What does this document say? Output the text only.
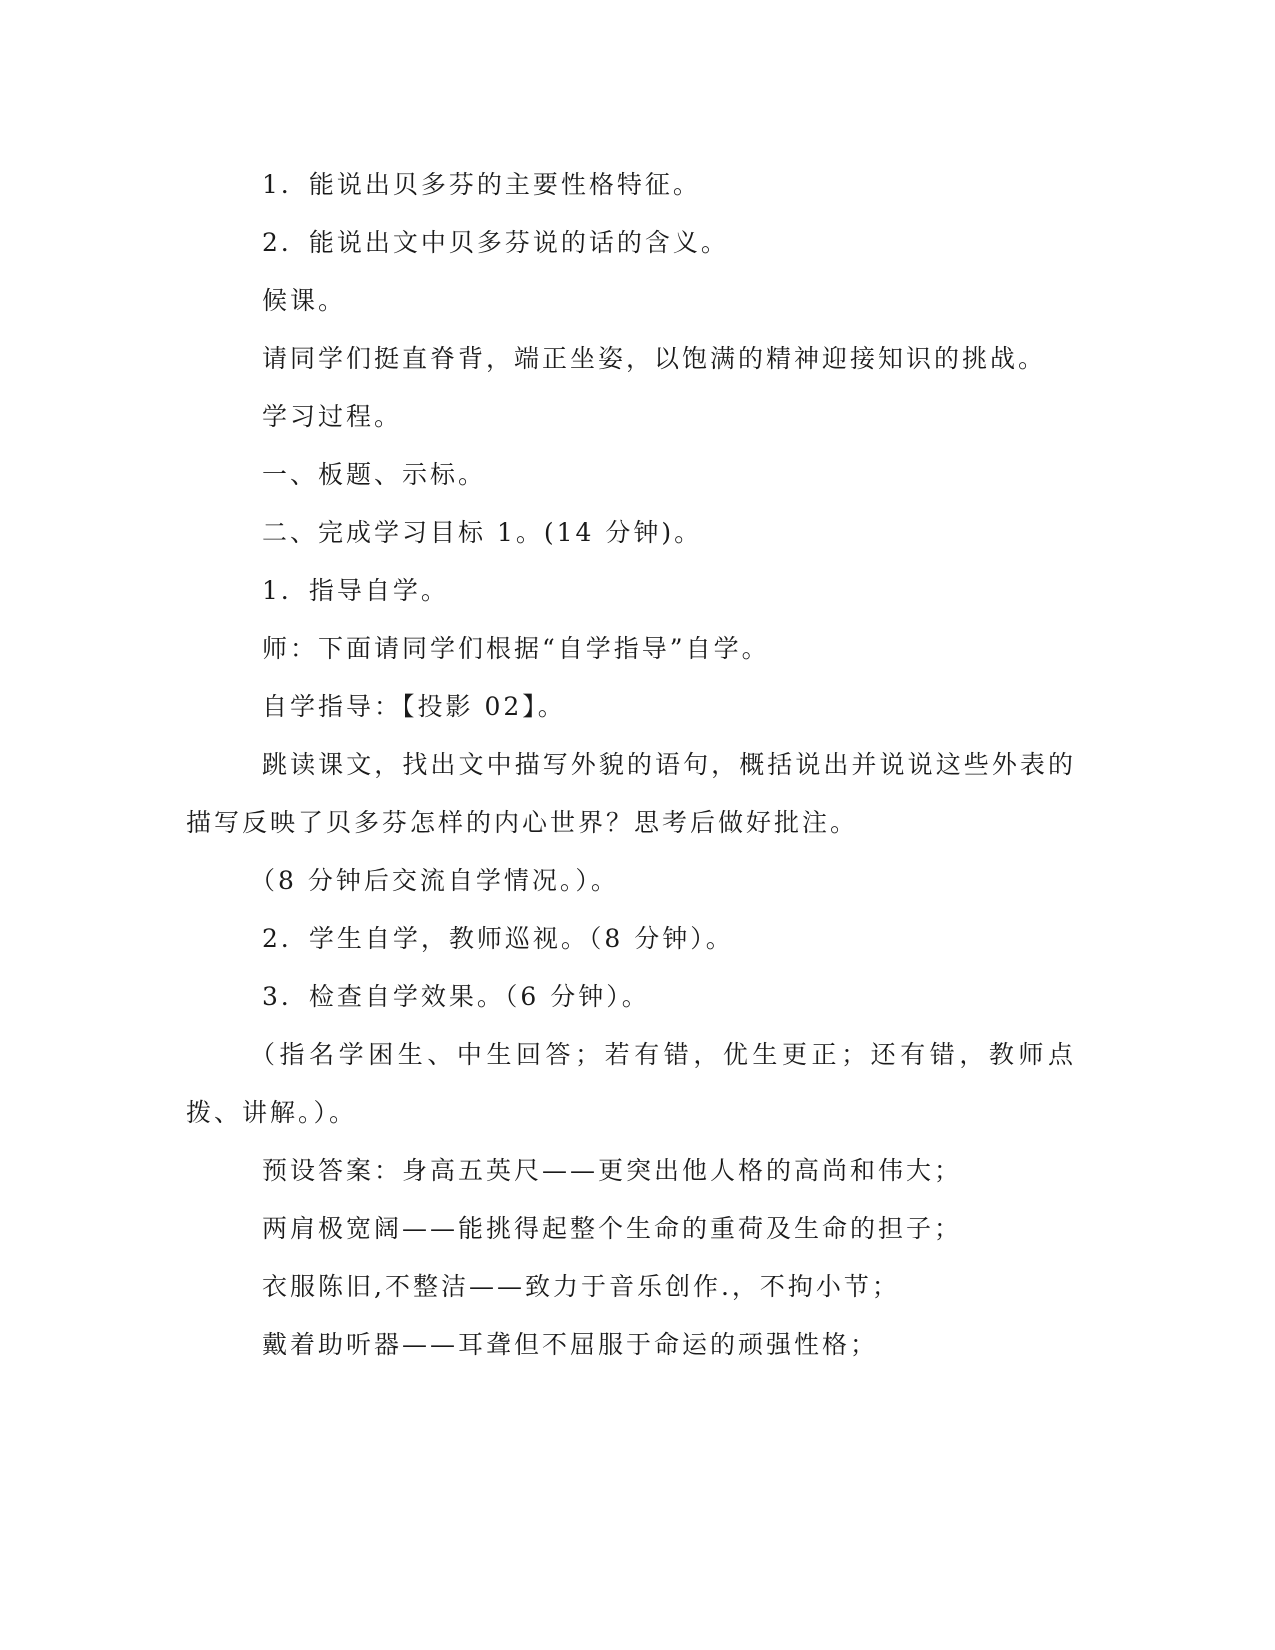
1．能说出贝多芬的主要性格特征。

2．能说出文中贝多芬说的话的含义。

候课。

请同学们挺直脊背，端正坐姿，以饱满的精神迎接知识的挑战。

学习过程。

一、板题、示标。

二、完成学习目标 1。(14 分钟)。

1．指导自学。

师：下面请同学们根据“自学指导”自学。

自学指导：【投影 02】。

跳读课文，找出文中描写外貌的语句，概括说出并说说这些外表的描写反映了贝多芬怎样的内心世界？思考后做好批注。

（8 分钟后交流自学情况。）。

2．学生自学，教师巡视。（8 分钟）。

3．检查自学效果。（6 分钟）。

（指名学困生、中生回答；若有错，优生更正；还有错，教师点拨、讲解。）。

预设答案：身高五英尺——更突出他人格的高尚和伟大；

两肩极宽阔——能挑得起整个生命的重荷及生命的担子；

衣服陈旧,不整洁——致力于音乐创作.，不拘小节；

戴着助听器——耳聋但不屈服于命运的顽强性格；
